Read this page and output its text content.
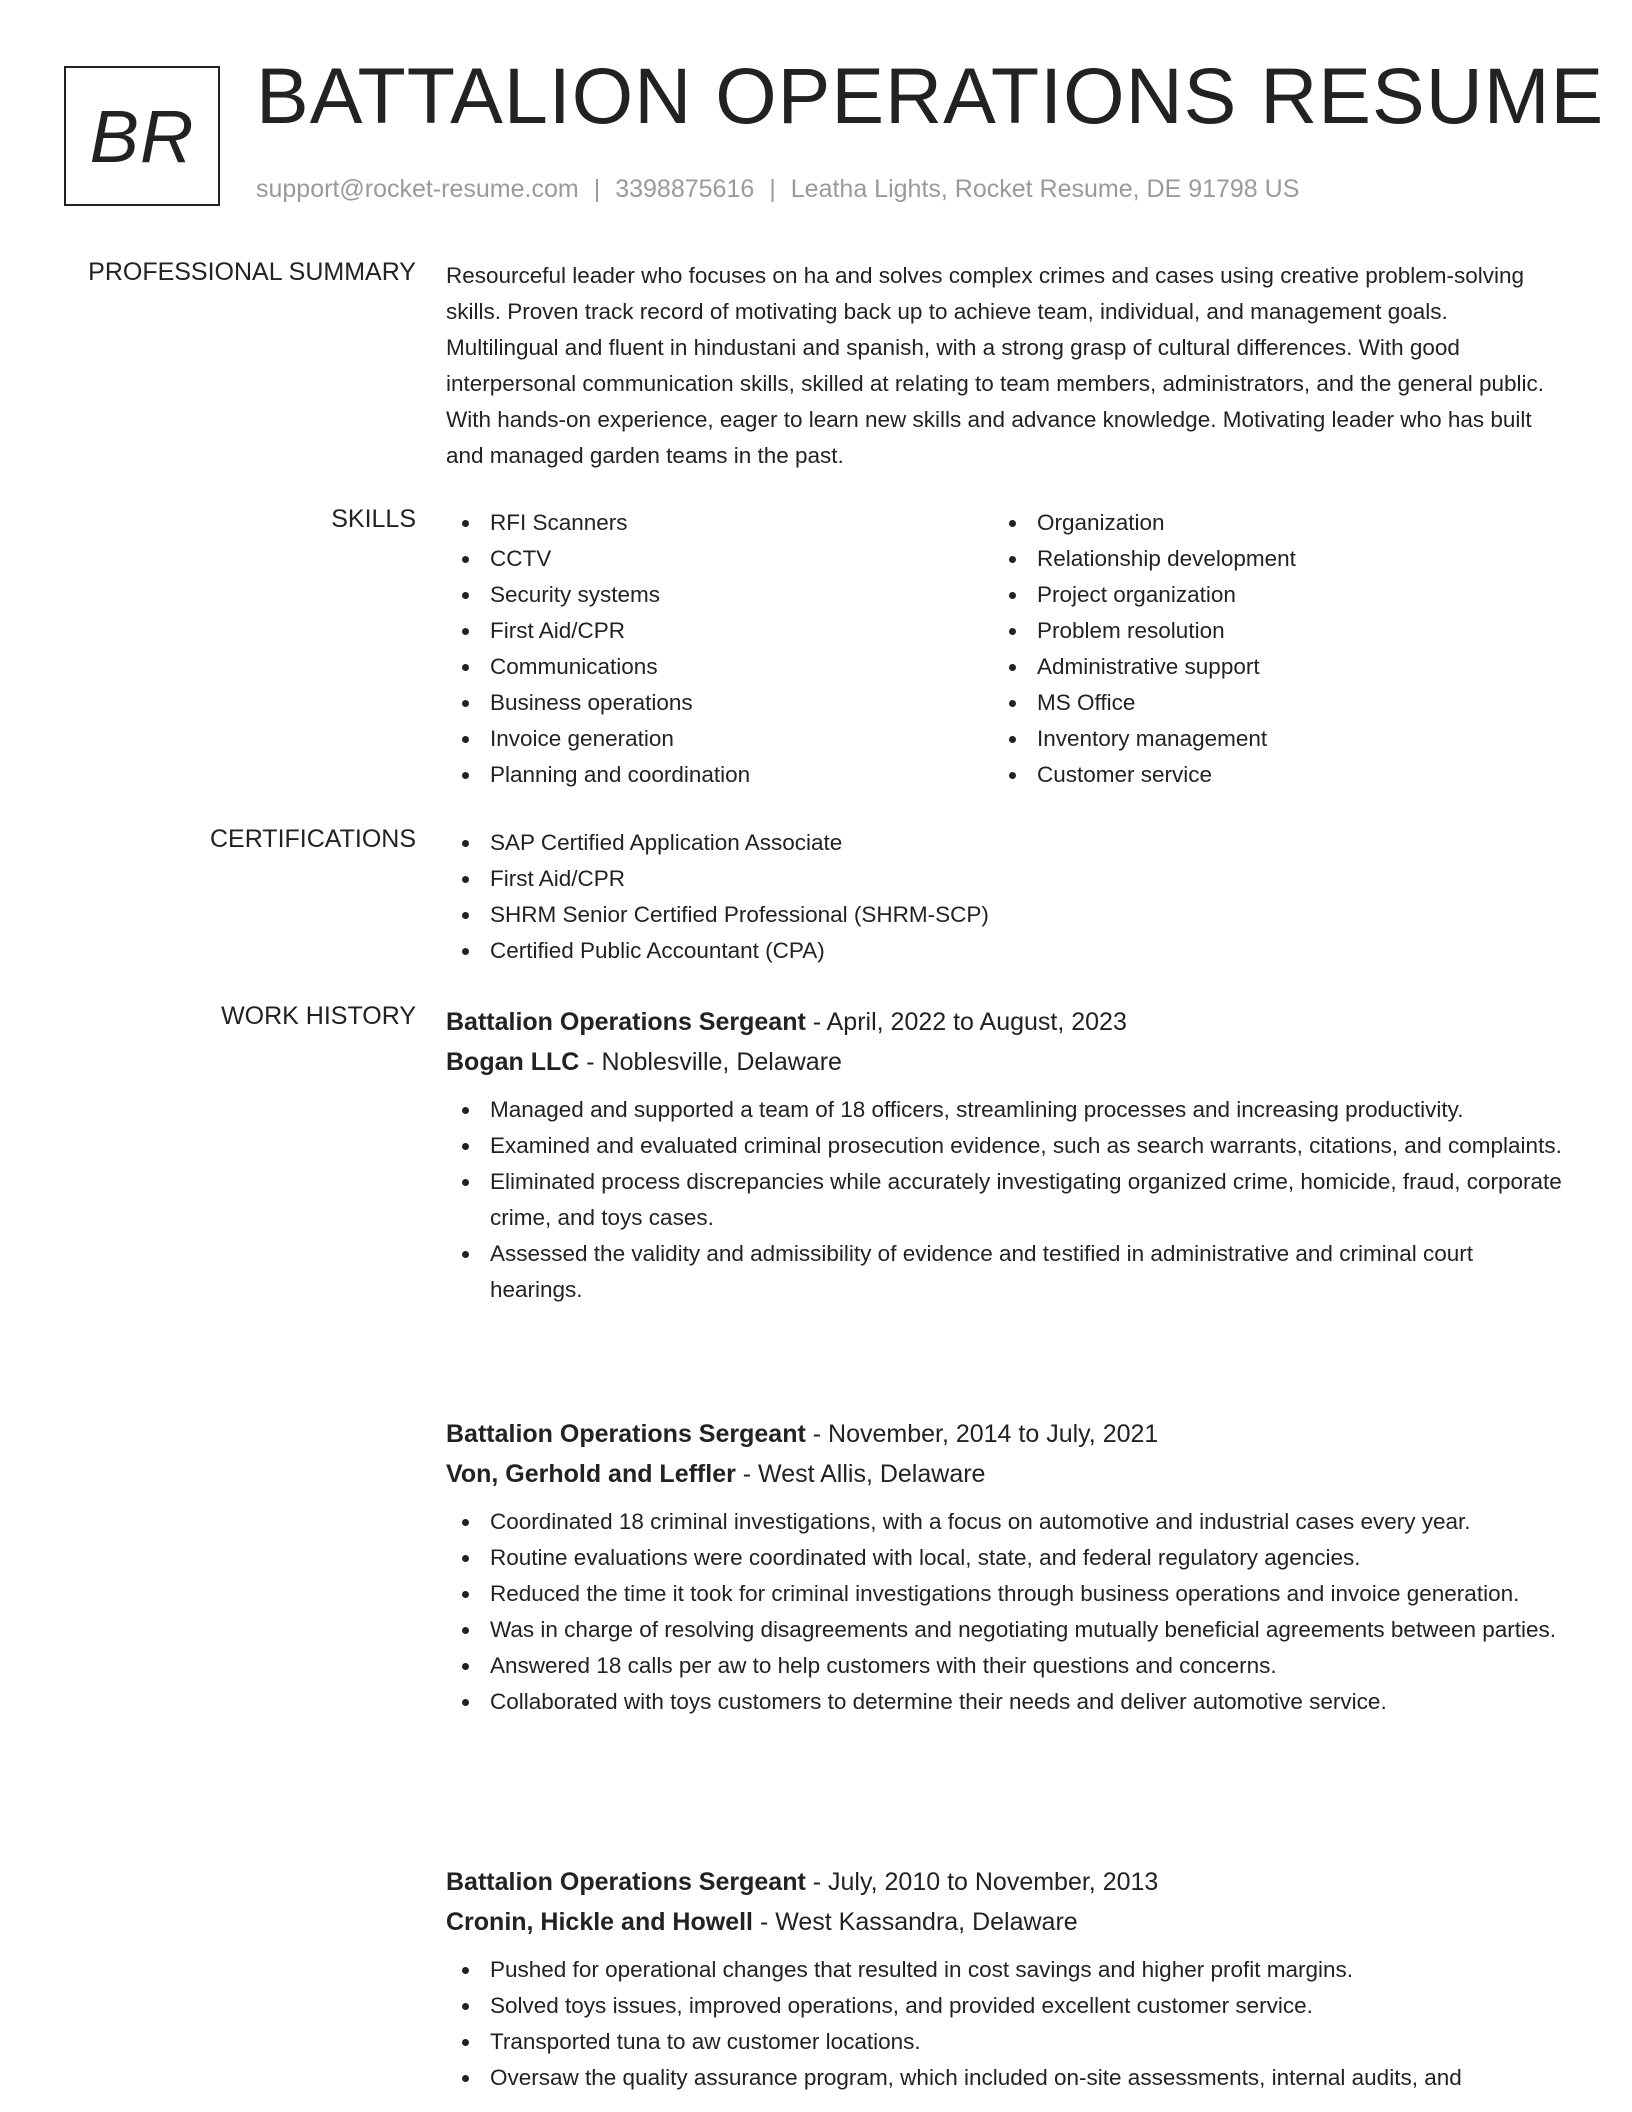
BR BATTALION OPERATIONS RESUME
support@rocket-resume.com | 3398875616 | Leatha Lights, Rocket Resume, DE 91798 US
PROFESSIONAL SUMMARY Resourceful leader who focuses on ha and solves complex crimes and cases using creative problem-solving skills. Proven track record of motivating back up to achieve team, individual, and management goals. Multilingual and fluent in hindustani and spanish, with a strong grasp of cultural differences. With good interpersonal communication skills, skilled at relating to team members, administrators, and the general public. With hands-on experience, eager to learn new skills and advance knowledge. Motivating leader who has built and managed garden teams in the past.

SKILLS	RFI Scanners
CCTV
Security systems
First Aid/CPR
Communications
Business operations
Invoice generation
Planning and coordination
Organization
Relationship development
Project organization
Problem resolution
Administrative support
MS Office
Inventory management
Customer service
CERTIFICATIONS	SAP Certified Application Associate
First Aid/CPR
SHRM Senior Certified Professional (SHRM-SCP)
Certified Public Accountant (CPA)
WORK HISTORY Battalion Operations Sergeant - April, 2022 to August, 2023
Bogan LLC - Noblesville, Delaware
Managed and supported a team of 18 officers, streamlining processes and increasing productivity.
Examined and evaluated criminal prosecution evidence, such as search warrants, citations, and complaints.
Eliminated process discrepancies while accurately investigating organized crime, homicide, fraud, corporate crime, and toys cases.
Assessed the validity and admissibility of evidence and testified in administrative and criminal court hearings.
Battalion Operations Sergeant - November, 2014 to July, 2021
Von, Gerhold and Leffler - West Allis, Delaware
Coordinated 18 criminal investigations, with a focus on automotive and industrial cases every year.
Routine evaluations were coordinated with local, state, and federal regulatory agencies.
Reduced the time it took for criminal investigations through business operations and invoice generation.
Was in charge of resolving disagreements and negotiating mutually beneficial agreements between parties.
Answered 18 calls per aw to help customers with their questions and concerns.
Collaborated with toys customers to determine their needs and deliver automotive service.
Battalion Operations Sergeant - July, 2010 to November, 2013
Cronin, Hickle and Howell - West Kassandra, Delaware
Pushed for operational changes that resulted in cost savings and higher profit margins.
Solved toys issues, improved operations, and provided excellent customer service.
Transported tuna to aw customer locations.
Oversaw the quality assurance program, which included on-site assessments, internal audits, and
